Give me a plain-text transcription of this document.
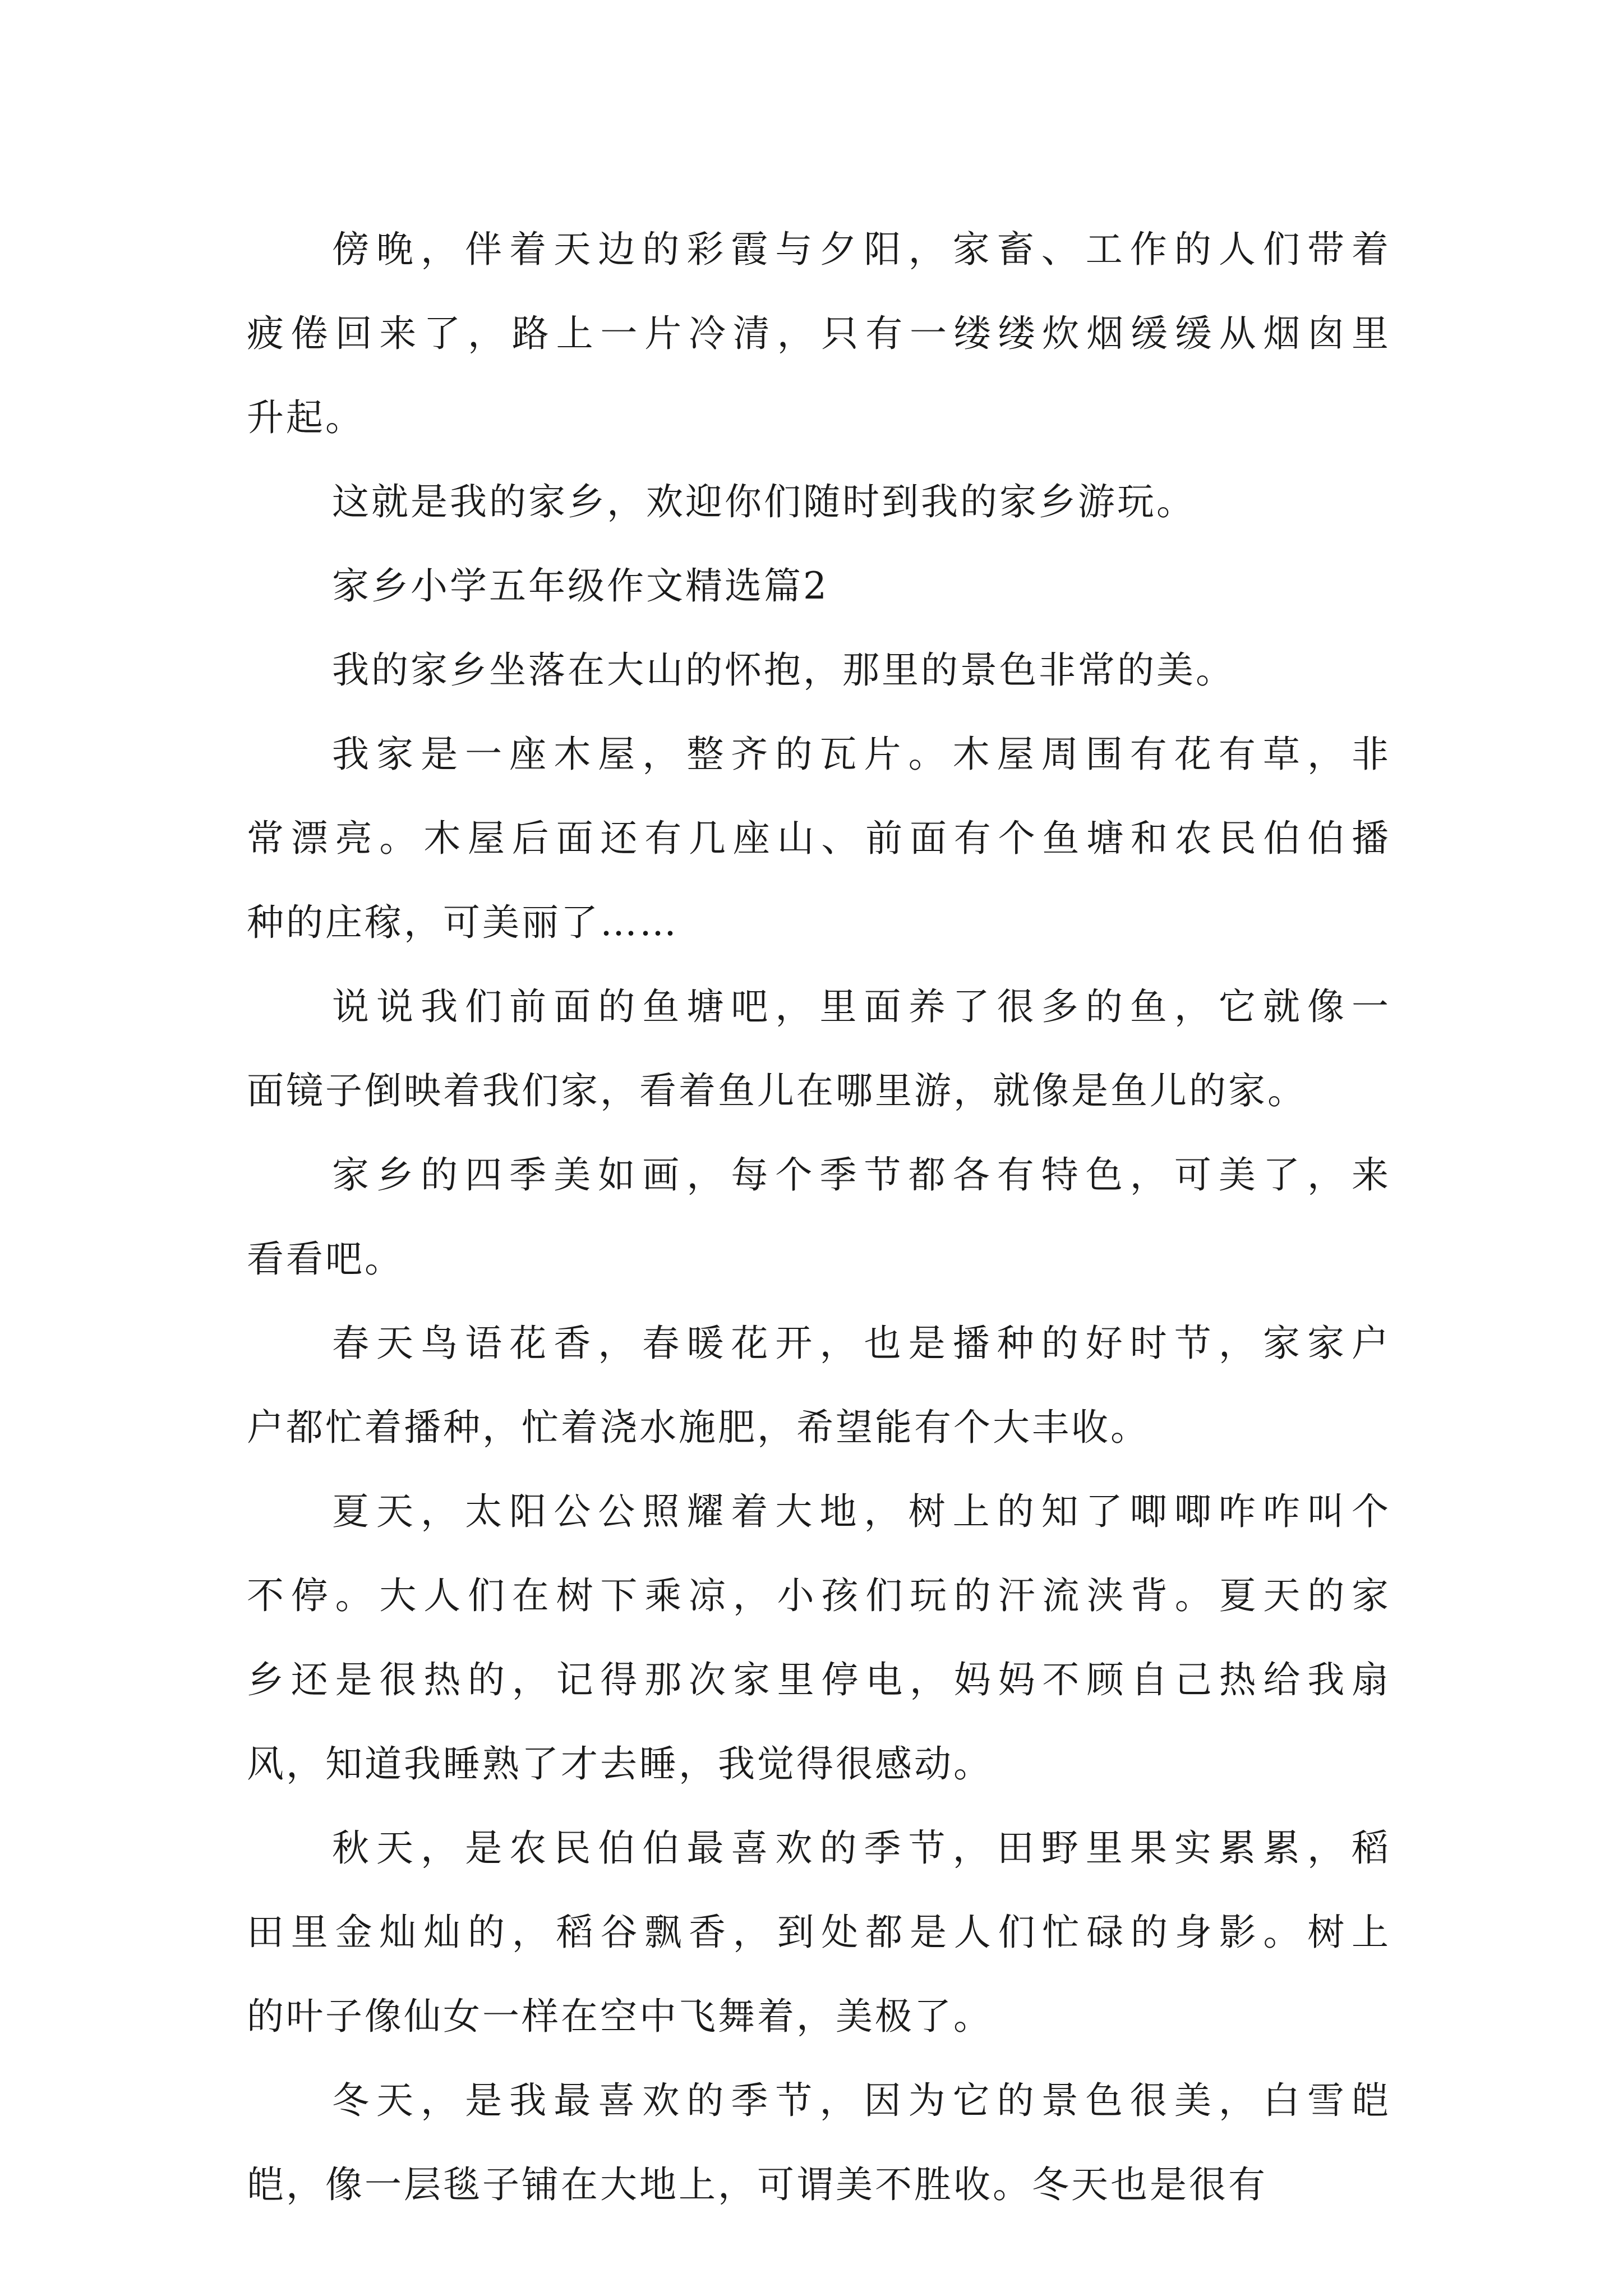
傍晚，伴着天边的彩霞与夕阳，家畜、工作的人们带着
疲倦回来了，路上一片冷清，只有一缕缕炊烟缓缓从烟囱里
升起。
这就是我的家乡，欢迎你们随时到我的家乡游玩。
家乡小学五年级作文精选篇2
我的家乡坐落在大山的怀抱，那里的景色非常的美。
我家是一座木屋，整齐的瓦片。木屋周围有花有草，非
常漂亮。木屋后面还有几座山、前面有个鱼塘和农民伯伯播
种的庄稼，可美丽了……
说说我们前面的鱼塘吧，里面养了很多的鱼，它就像一
面镜子倒映着我们家，看着鱼儿在哪里游，就像是鱼儿的家。
家乡的四季美如画，每个季节都各有特色，可美了，来
看看吧。
春天鸟语花香，春暖花开，也是播种的好时节，家家户
户都忙着播种，忙着浇水施肥，希望能有个大丰收。
夏天，太阳公公照耀着大地，树上的知了唧唧咋咋叫个
不停。大人们在树下乘凉，小孩们玩的汗流浃背。夏天的家
乡还是很热的，记得那次家里停电，妈妈不顾自己热给我扇
风，知道我睡熟了才去睡，我觉得很感动。
秋天，是农民伯伯最喜欢的季节，田野里果实累累，稻
田里金灿灿的，稻谷飘香，到处都是人们忙碌的身影。树上
的叶子像仙女一样在空中飞舞着，美极了。
冬天，是我最喜欢的季节，因为它的景色很美，白雪皑
皑，像一层毯子铺在大地上，可谓美不胜收。冬天也是很有
